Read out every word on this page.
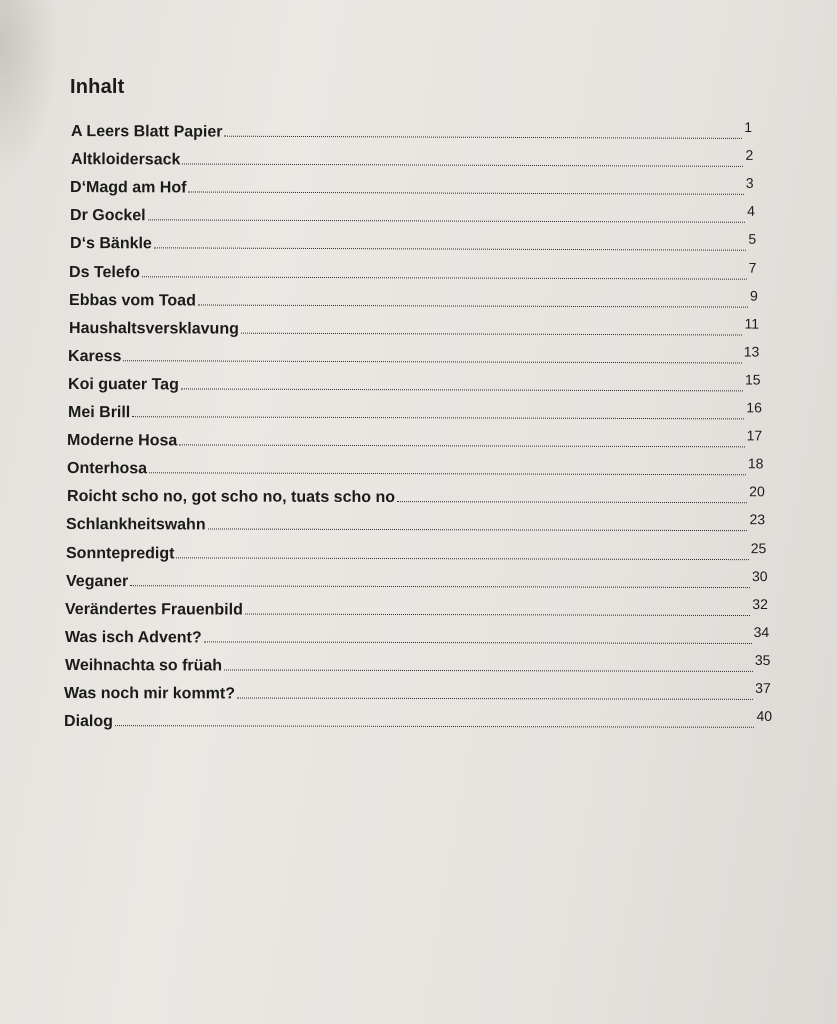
Inhalt
A Leers Blatt Papier	1
Altkloidersack	2
D‘Magd am Hof	3
Dr Gockel	4
D‘s Bänkle	5
Ds Telefo	7
Ebbas vom Toad	9
Haushaltsversklavung	11
Karess	13
Koi guater Tag	15
Mei Brill	16
Moderne Hosa	17
Onterhosa	18
Roicht scho no, got scho no, tuats scho no	20
Schlankheitswahn	23
Sonntepredigt	25
Veganer	30
Verändertes Frauenbild	32
Was isch Advent?	34
Weihnachta so früah	35
Was noch mir kommt?	37
Dialog	40
